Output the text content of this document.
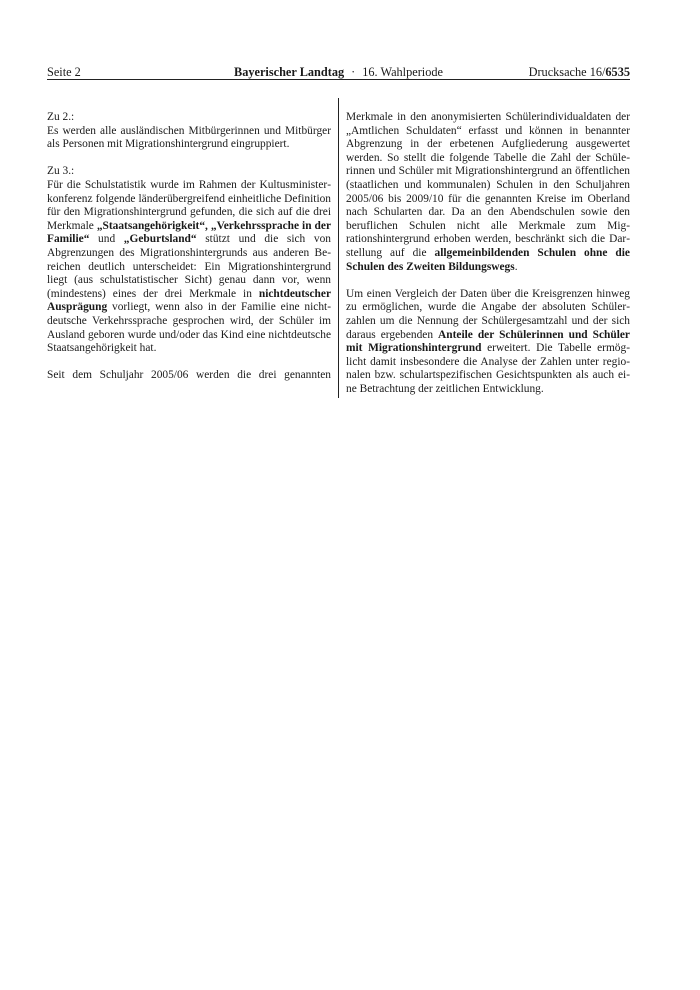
Seite 2	Bayerischer Landtag · 16. Wahlperiode	Drucksache 16/6535

Zu 2.:

Es werden alle ausländischen Mitbürgerinnen und Mitbürger als Personen mit Migrationshintergrund eingruppiert.

Zu 3.:

Für die Schulstatistik wurde im Rahmen der Kultusministerkonferenz folgende länderübergreifend einheitliche Definition für den Migrationshintergrund gefunden, die sich auf die drei Merkmale „Staatsangehörigkeit“, „Verkehrssprache in der Familie“ und „Geburtsland“ stützt und die sich von Abgrenzungen des Migrationshintergrunds aus anderen Bereichen deutlich unterscheidet: Ein Migrationshintergrund liegt (aus schulstatistischer Sicht) genau dann vor, wenn (mindestens) eines der drei Merkmale in nichtdeutscher Ausprägung vorliegt, wenn also in der Familie eine nichtdeutsche Verkehrssprache gesprochen wird, der Schüler im Ausland geboren wurde und/oder das Kind eine nichtdeutsche Staatsangehörigkeit hat.

Seit dem Schuljahr 2005/06 werden die drei genannten

Merkmale in den anonymisierten Schülerindividualdaten der „Amtlichen Schuldaten“ erfasst und können in benannter Abgrenzung in der erbetenen Aufgliederung ausgewertet werden. So stellt die folgende Tabelle die Zahl der Schülerinnen und Schüler mit Migrationshintergrund an öffentlichen (staatlichen und kommunalen) Schulen in den Schuljahren 2005/06 bis 2009/10 für die genannten Kreise im Oberland nach Schularten dar. Da an den Abendschulen sowie den beruflichen Schulen nicht alle Merkmale zum Migrationshintergrund erhoben werden, beschränkt sich die Darstellung auf die allgemeinbildenden Schulen ohne die Schulen des Zweiten Bildungswegs.

Um einen Vergleich der Daten über die Kreisgrenzen hinweg zu ermöglichen, wurde die Angabe der absoluten Schülerzahlen um die Nennung der Schülergesamtzahl und der sich daraus ergebenden Anteile der Schülerinnen und Schüler mit Migrationshintergrund erweitert. Die Tabelle ermöglicht damit insbesondere die Analyse der Zahlen unter regionalen bzw. schulartspezifischen Gesichtspunkten als auch eine Betrachtung der zeitlichen Entwicklung.
